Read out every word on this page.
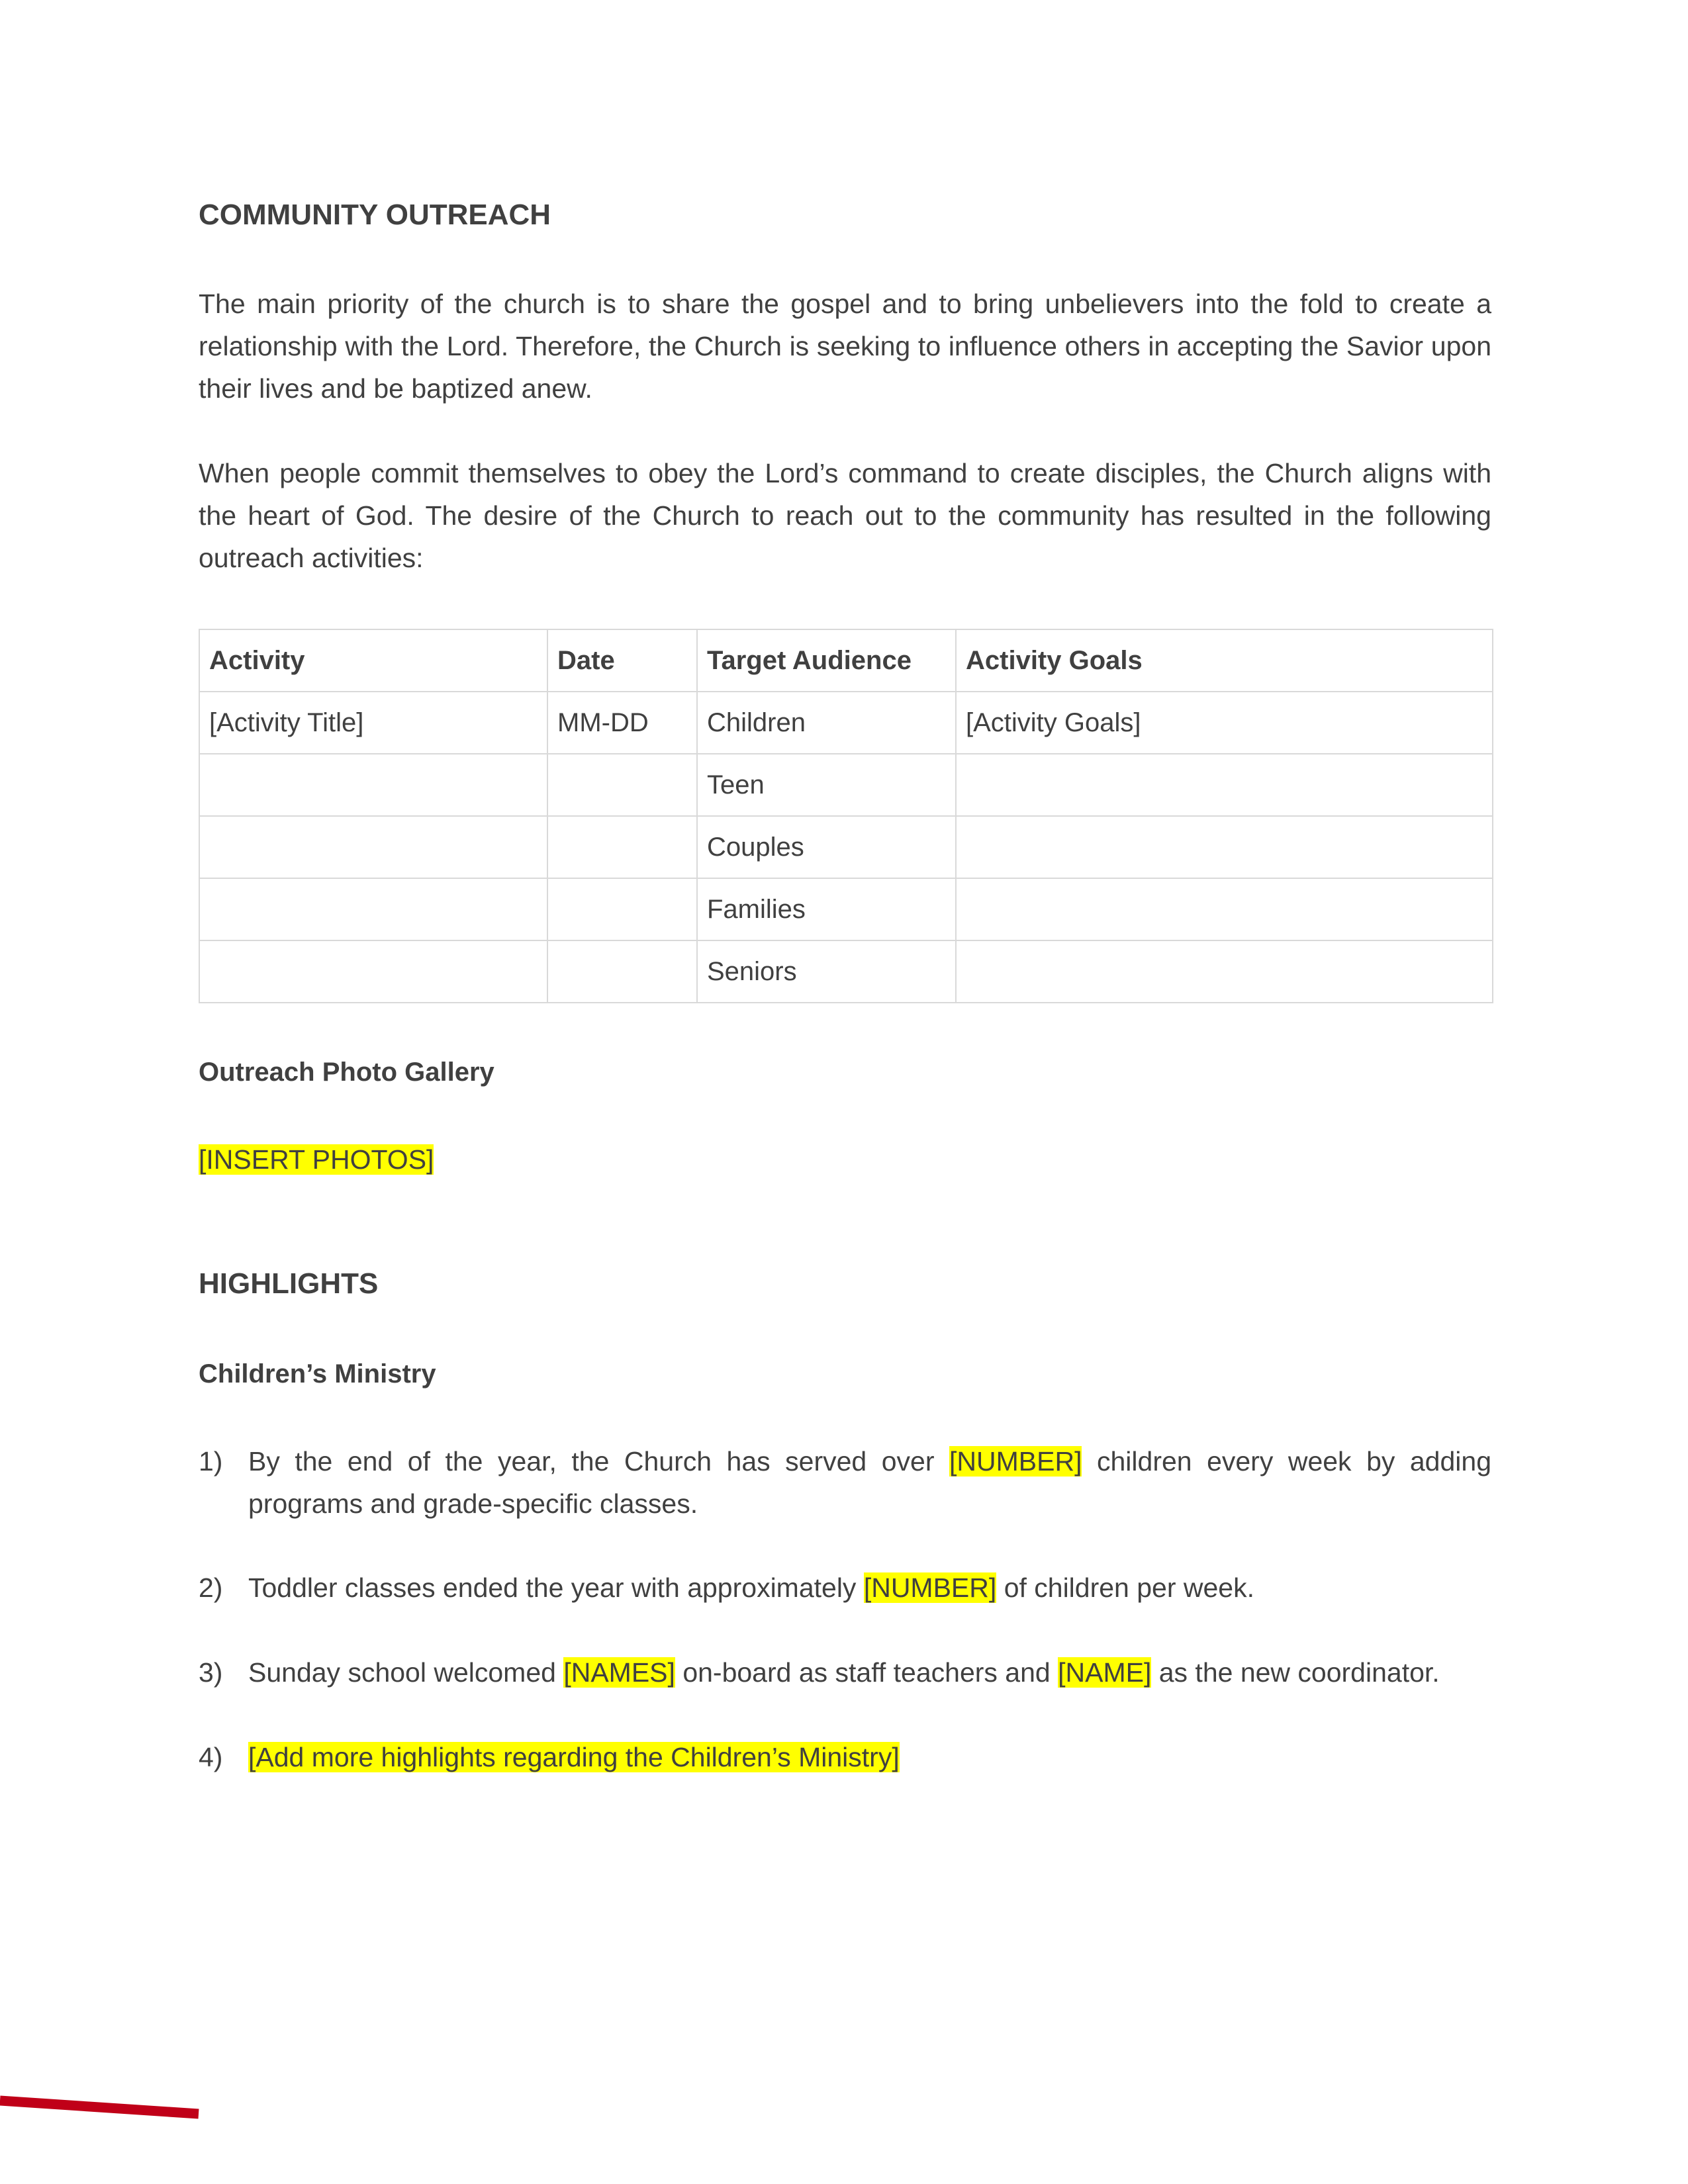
COMMUNITY OUTREACH
The main priority of the church is to share the gospel and to bring unbelievers into the fold to create a relationship with the Lord. Therefore, the Church is seeking to influence others in accepting the Savior upon their lives and be baptized anew.
When people commit themselves to obey the Lord’s command to create disciples, the Church aligns with the heart of God. The desire of the Church to reach out to the community has resulted in the following outreach activities:
Activity	Date	Target Audience	Activity Goals
[Activity Title]	MM-DD	Children	[Activity Goals]
		Teen	
		Couples	
		Families	
		Seniors	
Outreach Photo Gallery
[INSERT PHOTOS]
HIGHLIGHTS
Children’s Ministry
1) By the end of the year, the Church has served over [NUMBER] children every week by adding programs and grade-specific classes.
2) Toddler classes ended the year with approximately [NUMBER] of children per week.
3) Sunday school welcomed [NAMES] on-board as staff teachers and [NAME] as the new coordinator.
4) [Add more highlights regarding the Children’s Ministry]
